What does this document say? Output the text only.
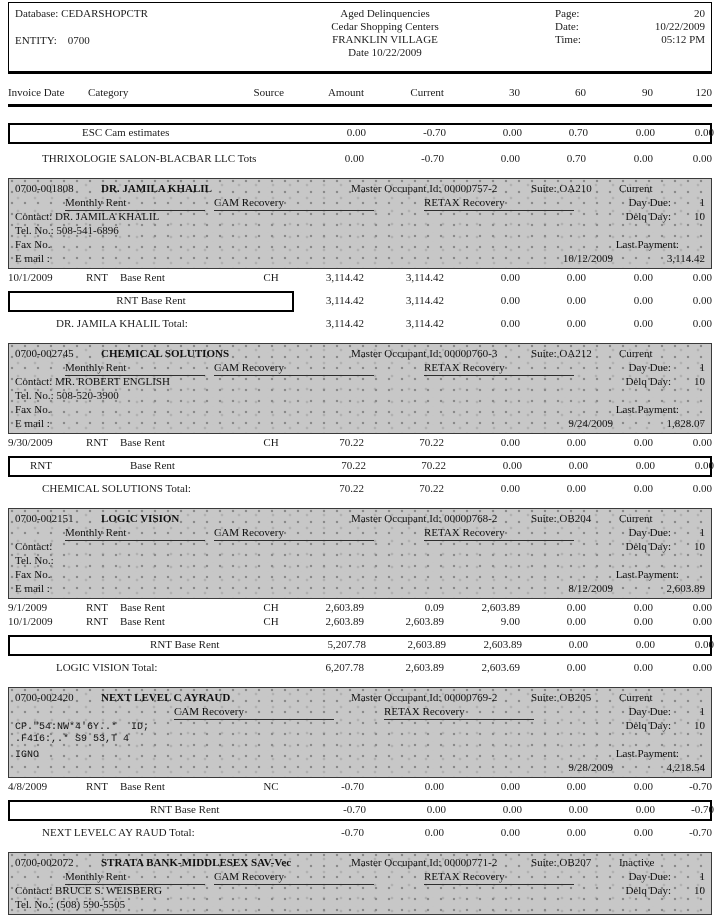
Database: CEDARSHOPCTR
ENTITY: 0700
Aged Delinquencies
Cedar Shopping Centers
FRANKLIN VILLAGE
Date 10/22/2009
Page:	20
Date:	10/22/2009
Time:	05:12 PM
Invoice Date	Category	Source	Amount	Current	30	60	90	120
ESC Cam estimates	0.00	-0.70	0.00	0.70	0.00	0.00
THRIXOLOGIE SALON-BLACBAR LLC Tots	0.00	-0.70	0.00	0.70	0.00	0.00
0700-001808	DR. JAMILA KHALIL	Master Occupant Id: 00000757-2	Suite: OA210	Current
Monthly Rent	CAM Recovery	RETAX Recovery	Day Due:	1
Contact: DR. JAMILA KHALIL	Delq Day:	10
Tel. No.: 508-541-6896
Fax No.	Last Payment:
E mail :	10/12/2009	3,114.42
10/1/2009	RNT	Base Rent	CH	3,114.42	3,114.42	0.00	0.00	0.00	0.00
RNT Base Rent	3,114.42	3,114.42	0.00	0.00	0.00	0.00
DR. JAMILA KHALIL Total:	3,114.42	3,114.42	0.00	0.00	0.00	0.00
0700-002745	CHEMICAL SOLUTIONS	Master Occupant Id: 00000760-3	Suite: OA212	Current
Monthly Rent	CAM Recovery	RETAX Recovery	Day Due:	1
Contact: MR. ROBERT ENGLISH	Delq Day:	10
Tel. No.: 508-520-3900
Fax No.	Last Payment:
E mail :	9/24/2009	1,828.07
9/30/2009	RNT	Base Rent	CH	70.22	70.22	0.00	0.00	0.00	0.00
RNT	Base Rent	70.22	70.22	0.00	0.00	0.00	0.00
CHEMICAL SOLUTIONS Total:	70.22	70.22	0.00	0.00	0.00	0.00
0700-002151	LOGIC VISION	Master Occupant Id: 00000768-2	Suite: OB204	Current
Monthly Rent	CAM Recovery	RETAX Recovery	Day Due:	1
Contact:	Delq Day:	10
Tel. No.:
Fax No.	Last Payment:
E mail :	8/12/2009	2,603.89
9/1/2009	RNT	Base Rent	CH	2,603.89	0.09	2,603.89	0.00	0.00	0.00
10/1/2009	RNT	Base Rent	CH	2,603.89	2,603.89	9.00	0.00	0.00	0.00
RNT Base Rent	5,207.78	2,603.89	2,603.89	0.00	0.00	0.00
LOGIC VISION Total:	6,207.78	2,603.89	2,603.69	0.00	0.00	0.00
0700-002420	NEXT LEVEL C AYRAUD	Master Occupant Id: 00000769-2	Suite: OB205	Current
CAM Recovery	RETAX Recovery	Day Due:	1
CP."54:NW*4'6Y..* ID;	Delq Day:	10
.F416:,.* S9 53,T 4
IGNO	Last Payment:
9/28/2009	4,218.54
4/8/2009	RNT	Base Rent	NC	-0.70	0.00	0.00	0.00	0.00	-0.70
RNT Base Rent	-0.70	0.00	0.00	0.00	0.00	-0.70
NEXT LEVELC AY RAUD Total:	-0.70	0.00	0.00	0.00	0.00	-0.70
0700-002072	STRATA BANK-MIDDLESEX SAV-Vec	Master Occupant Id: 00000771-2	Suite: OB207	Inactive
Monthly Rent	CAM Recovery	RETAX Recovery	Day Due:	1
Contact: BRUCE S. WEISBERG	Delq Day:	10
Tel. No.: (508) 590-5505
